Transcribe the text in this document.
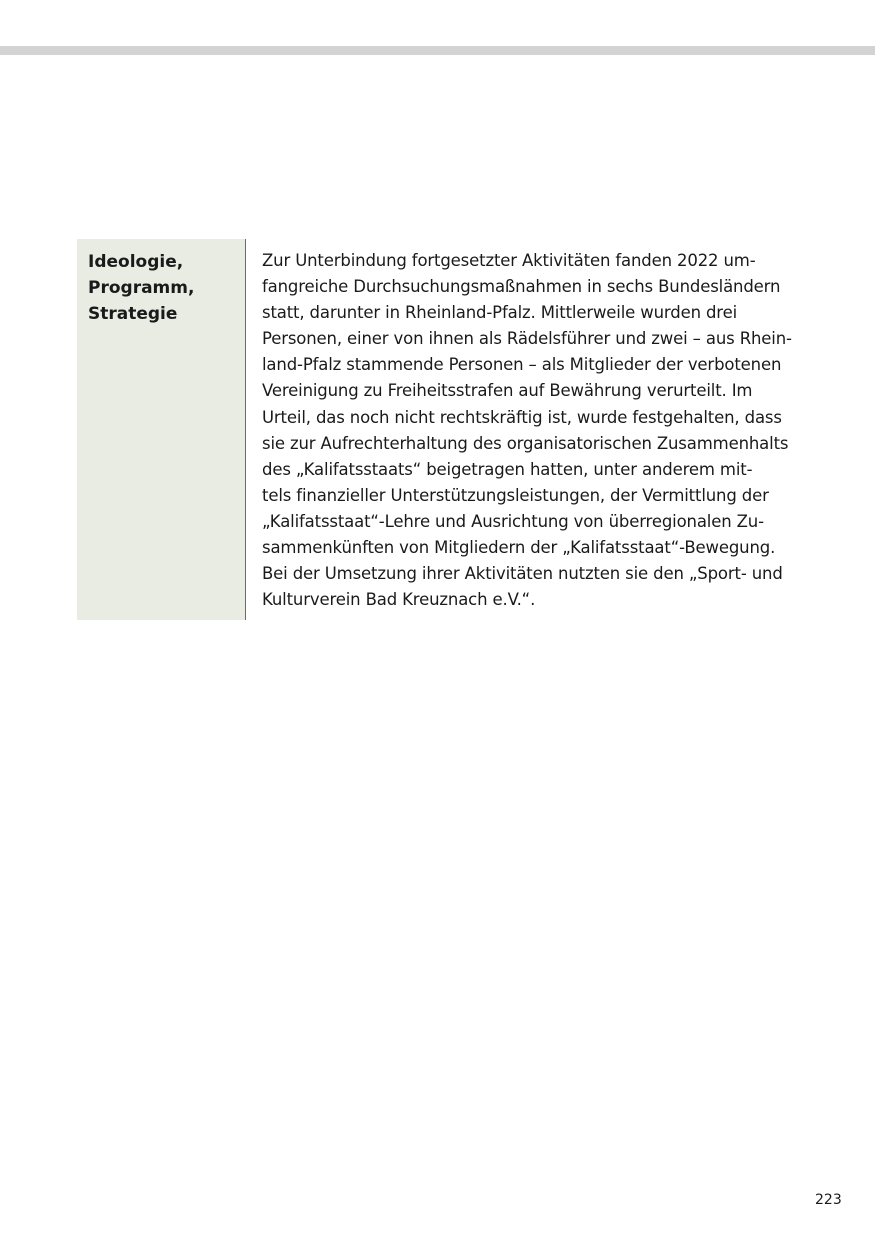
Ideologie,
Programm,
Strategie

Zur Unterbindung fortgesetzter Aktivitäten fanden 2022 um-
fangreiche Durchsuchungsmaßnahmen in sechs Bundesländern
statt, darunter in Rheinland-Pfalz. Mittlerweile wurden drei
Personen, einer von ihnen als Rädelsführer und zwei – aus Rhein-
land-Pfalz stammende Personen – als Mitglieder der verbotenen
Vereinigung zu Freiheitsstrafen auf Bewährung verurteilt. Im
Urteil, das noch nicht rechtskräftig ist, wurde festgehalten, dass
sie zur Aufrechterhaltung des organisatorischen Zusammenhalts
des „Kalifatsstaats“ beigetragen hatten, unter anderem mit-
tels finanzieller Unterstützungsleistungen, der Vermittlung der
„Kalifatsstaat“-Lehre und Ausrichtung von überregionalen Zu-
sammenkünften von Mitgliedern der „Kalifatsstaat“-Bewegung.
Bei der Umsetzung ihrer Aktivitäten nutzten sie den „Sport- und
Kulturverein Bad Kreuznach e.V.“.

223
